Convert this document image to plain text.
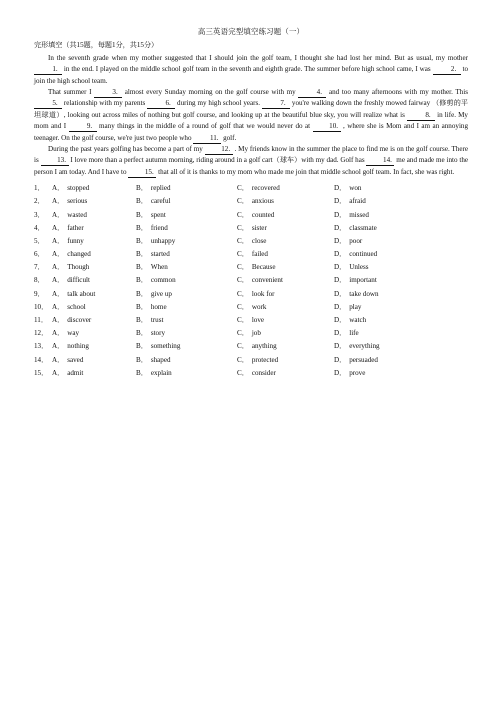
高三英语完型填空练习题（一）
完形填空（共15题，每题1分，共15分）

In the seventh grade when my mother suggested that I should join the golf team, I thought she had lost her mind. But as usual, my mother 1. in the end. I played on the middle school golf team in the seventh and eighth grade. The summer before high school came, I was	2. to join the high school team.

That summer I	3. almost every Sunday morning on the golf course with my	4. and too many afternoons with my mother. This 5. relationship with my parents	6. during my high school years.	7. you're walking down the freshly mowed fairway （修剪的平坦球道）, looking out across miles of nothing but golf course, and looking up at the beautiful blue sky, you will realize what is	8. in life. My mom and I	9. many things in the middle of a round of golf that we would never do at	10. , where she is Mom and I am an annoying teenager. On the golf course, we're just two people who	11. golf.

During the past years golfing has become a part of my	12. . My friends know in the summer the place to find me is on the golf course. There is	13. I love more than a perfect autumn morning, riding around in a golf cart（球车）with my dad. Golf has	14. me and made me into the person I am today. And I have to	15. that all of it is thanks to my mom who made me join that middle school golf team. In fact, she was right.

1．	A． stopped	B． replied	C． recovered	D． won
2．	A． serious	B． careful	C． anxious	D． afraid
3．	A． wasted	B． spent	C． counted	D． missed
4．	A． father	B． friend	C． sister	D． classmate
5．	A． funny	B． unhappy	C． close	D． poor
6．	A． changed	B． started	C． failed	D． continued
7．	A． Though	B． When	C． Because	D． Unless
8．	A． difficult	B． common	C． convenient	D． important
9．	A． talk about	B． give up	C． look for	D． take down
10． A． school	B． home	C． work	D． play
11． A． discover	B． trust	C． love	D． watch
12． A． way	B． story	C． job	D． life
13． A． nothing	B． something	C． anything	D． everything
14． A． saved	B． shaped	C． protected	D． persuaded
15． A． admit	B． explain	C． consider	D． prove
